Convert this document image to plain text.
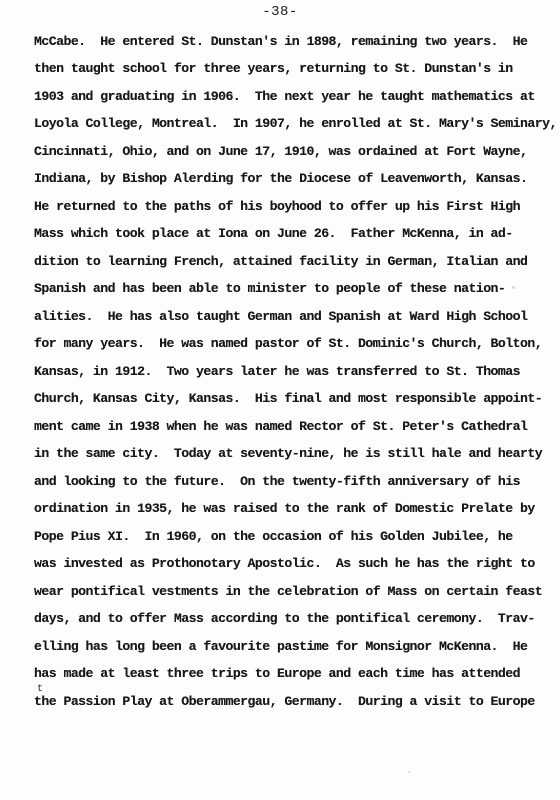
-38-
McCabe.  He entered St. Dunstan's in 1898, remaining two years.  He
then taught school for three years, returning to St. Dunstan's in
1903 and graduating in 1906.  The next year he taught mathematics at
Loyola College, Montreal.  In 1907, he enrolled at St. Mary's Seminary,
Cincinnati, Ohio, and on June 17, 1910, was ordained at Fort Wayne,
Indiana, by Bishop Alerding for the Diocese of Leavenworth, Kansas.
He returned to the paths of his boyhood to offer up his First High
Mass which took place at Iona on June 26.  Father McKenna, in ad-
dition to learning French, attained facility in German, Italian and
Spanish and has been able to minister to people of these nation-
alities.  He has also taught German and Spanish at Ward High School
for many years.  He was named pastor of St. Dominic's Church, Bolton,
Kansas, in 1912.  Two years later he was transferred to St. Thomas
Church, Kansas City, Kansas.  His final and most responsible appoint-
ment came in 1938 when he was named Rector of St. Peter's Cathedral
in the same city.  Today at seventy-nine, he is still hale and hearty
and looking to the future.  On the twenty-fifth anniversary of his
ordination in 1935, he was raised to the rank of Domestic Prelate by
Pope Pius XI.  In 1960, on the occasion of his Golden Jubilee, he
was invested as Prothonotary Apostolic.  As such he has the right to
wear pontifical vestments in the celebration of Mass on certain feast
days, and to offer Mass according to the pontifical ceremony.  Trav-
elling has long been a favourite pastime for Monsignor McKenna.  He
has made at least three trips to Europe and each time has attended
the Passion Play at Oberammergau, Germany.  During a visit to Europe
t
